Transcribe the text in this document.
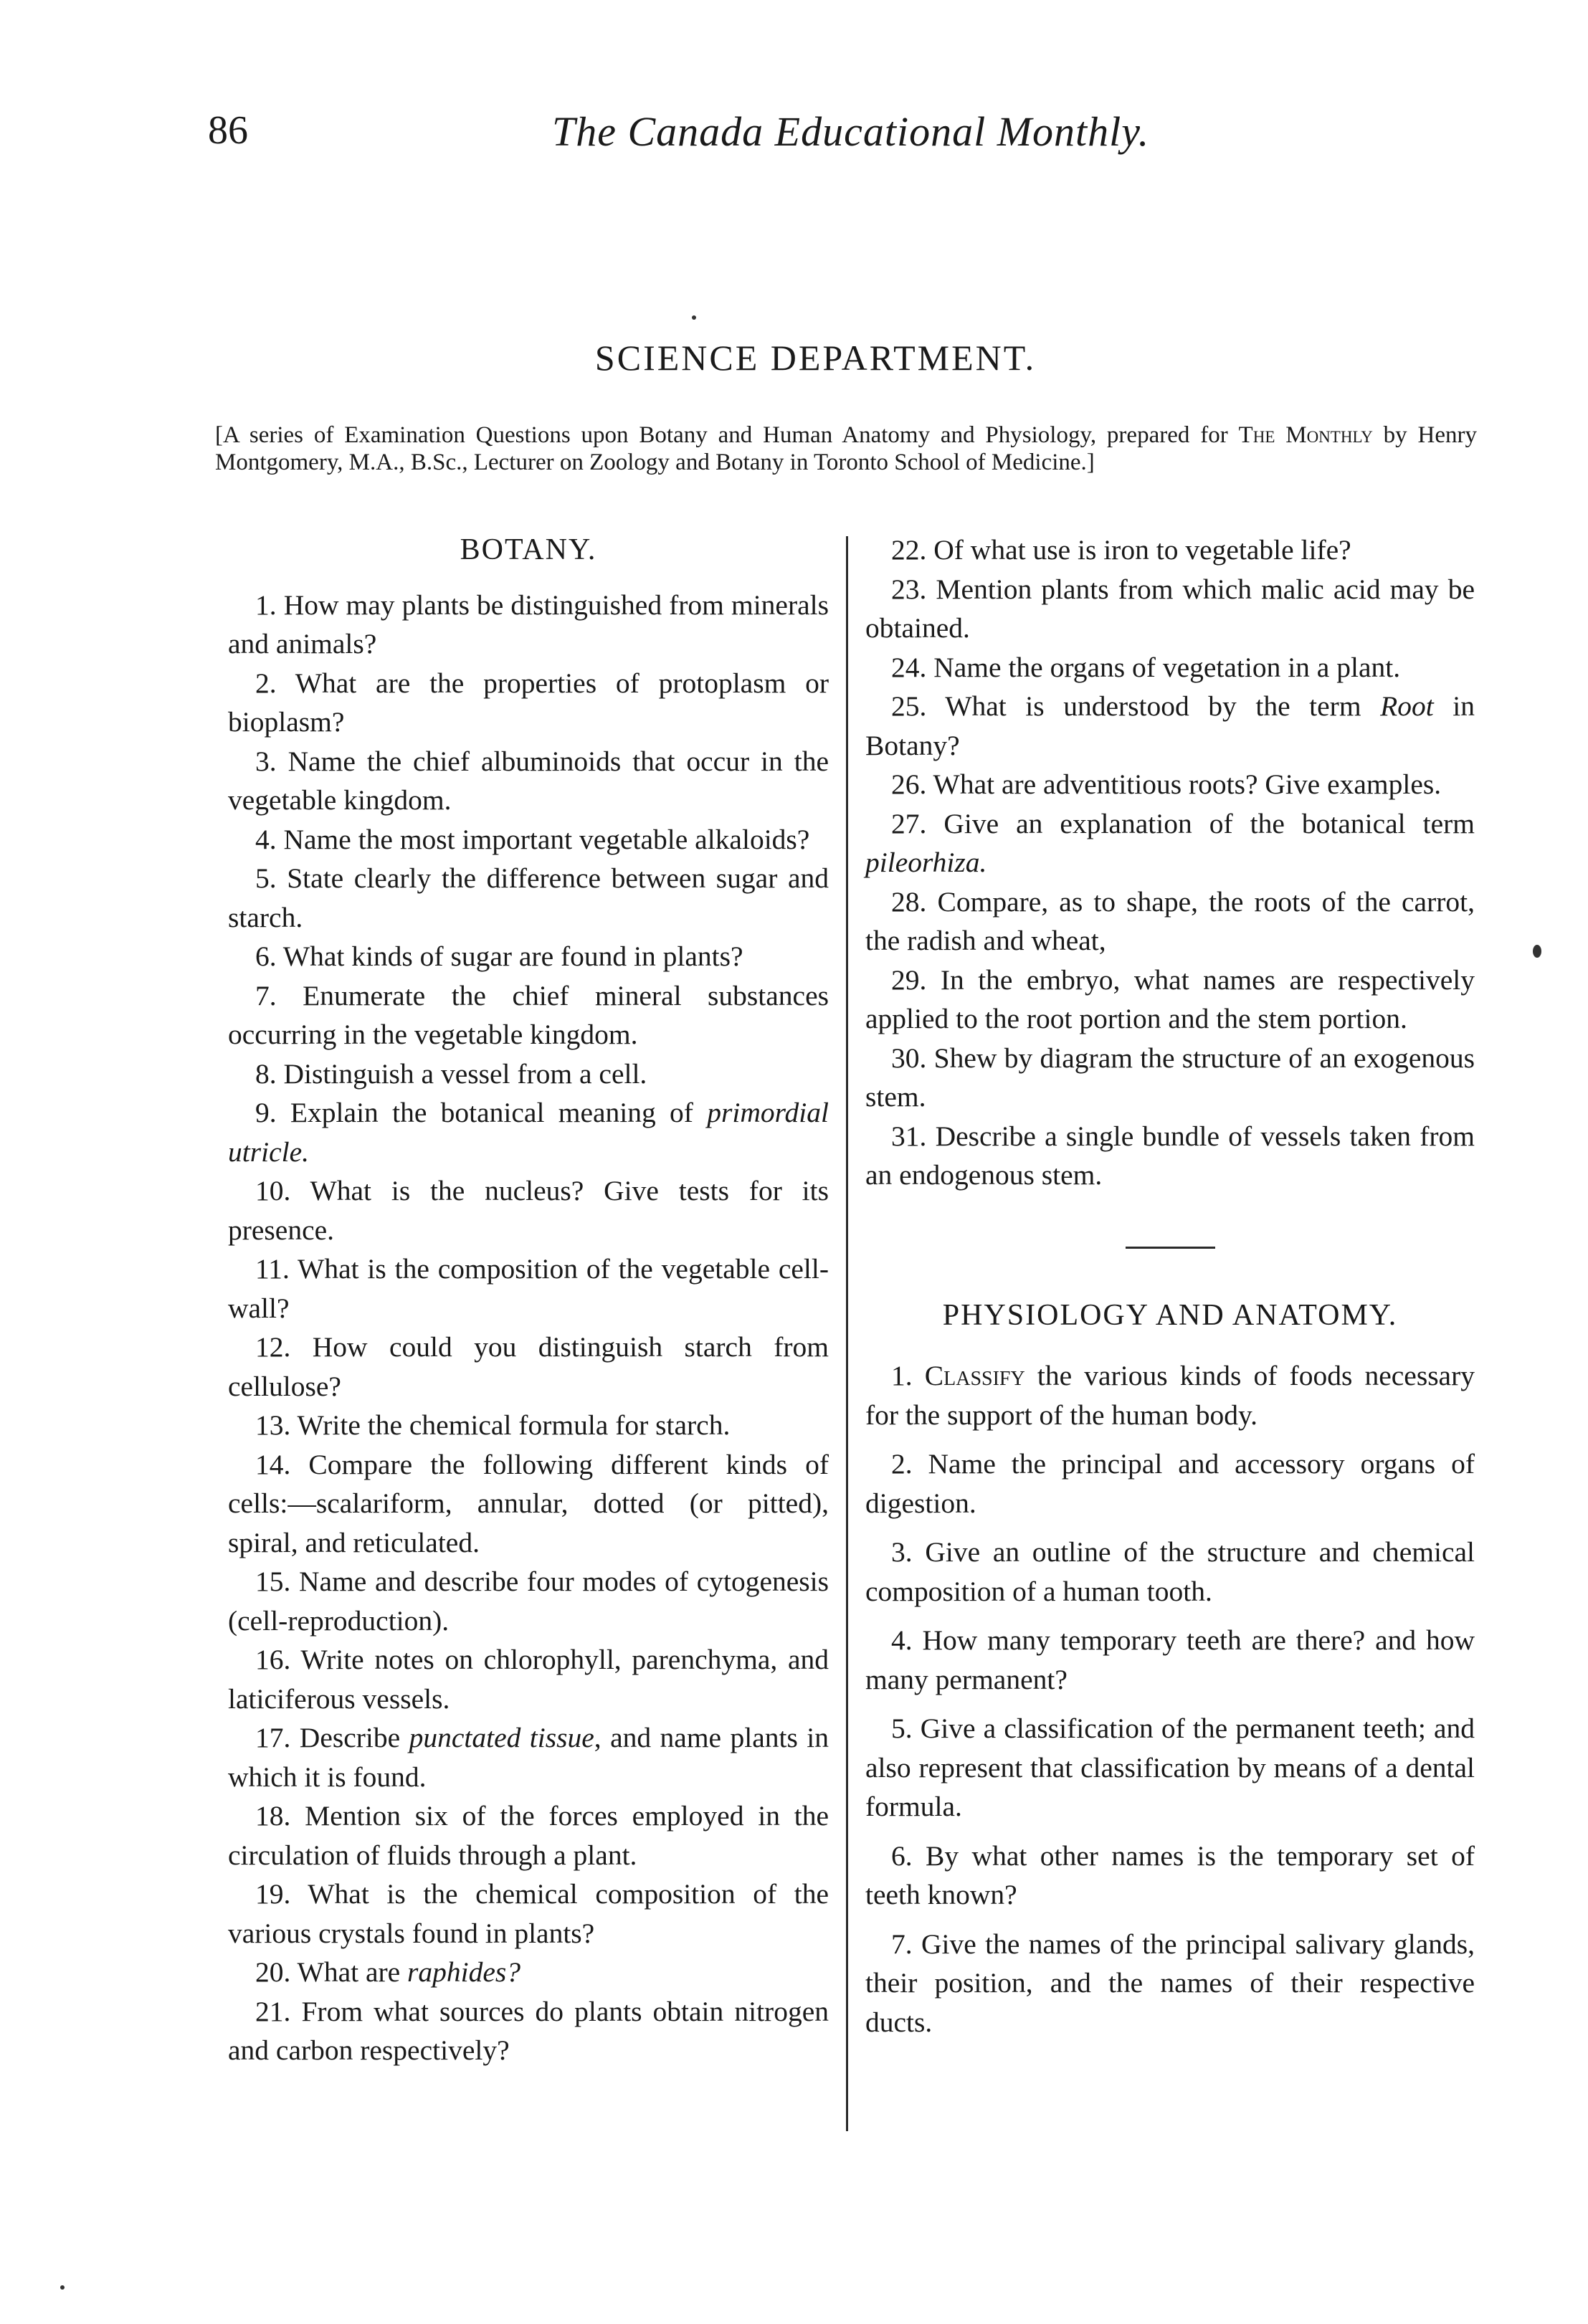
86	The Canada Educational Monthly.
SCIENCE DEPARTMENT.
[A series of Examination Questions upon Botany and Human Anatomy and Physiology, prepared for The Monthly by Henry Montgomery, M.A., B.Sc., Lecturer on Zoology and Botany in Toronto School of Medicine.]
BOTANY.

1. How may plants be distinguished from minerals and animals?

2. What are the properties of protoplasm or bioplasm?

3. Name the chief albuminoids that occur in the vegetable kingdom.

4. Name the most important vegetable alkaloids?

5. State clearly the difference between sugar and starch.

6. What kinds of sugar are found in plants?

7. Enumerate the chief mineral substances occurring in the vegetable kingdom.

8. Distinguish a vessel from a cell.

9. Explain the botanical meaning of primordial utricle.

10. What is the nucleus? Give tests for its presence.

11. What is the composition of the vegetable cell-wall?

12. How could you distinguish starch from cellulose?

13. Write the chemical formula for starch.

14. Compare the following different kinds of cells:—scalariform, annular, dotted (or pitted), spiral, and reticulated.

15. Name and describe four modes of cytogenesis (cell-reproduction).

16. Write notes on chlorophyll, parenchyma, and laticiferous vessels.

17. Describe punctated tissue, and name plants in which it is found.

18. Mention six of the forces employed in the circulation of fluids through a plant.

19. What is the chemical composition of the various crystals found in plants?

20. What are raphides?

21. From what sources do plants obtain nitrogen and carbon respectively?

22. Of what use is iron to vegetable life?

23. Mention plants from which malic acid may be obtained.

24. Name the organs of vegetation in a plant.

25. What is understood by the term Root in Botany?

26. What are adventitious roots? Give examples.

27. Give an explanation of the botanical term pileorhiza.

28. Compare, as to shape, the roots of the carrot, the radish and wheat,

29. In the embryo, what names are respectively applied to the root portion and the stem portion.

30. Shew by diagram the structure of an exogenous stem.

31. Describe a single bundle of vessels taken from an endogenous stem.

PHYSIOLOGY AND ANATOMY.

1. Classify the various kinds of foods necessary for the support of the human body.

2. Name the principal and accessory organs of digestion.

3. Give an outline of the structure and chemical composition of a human tooth.

4. How many temporary teeth are there? and how many permanent?

5. Give a classification of the permanent teeth; and also represent that classification by means of a dental formula.

6. By what other names is the temporary set of teeth known?

7. Give the names of the principal salivary glands, their position, and the names of their respective ducts.
